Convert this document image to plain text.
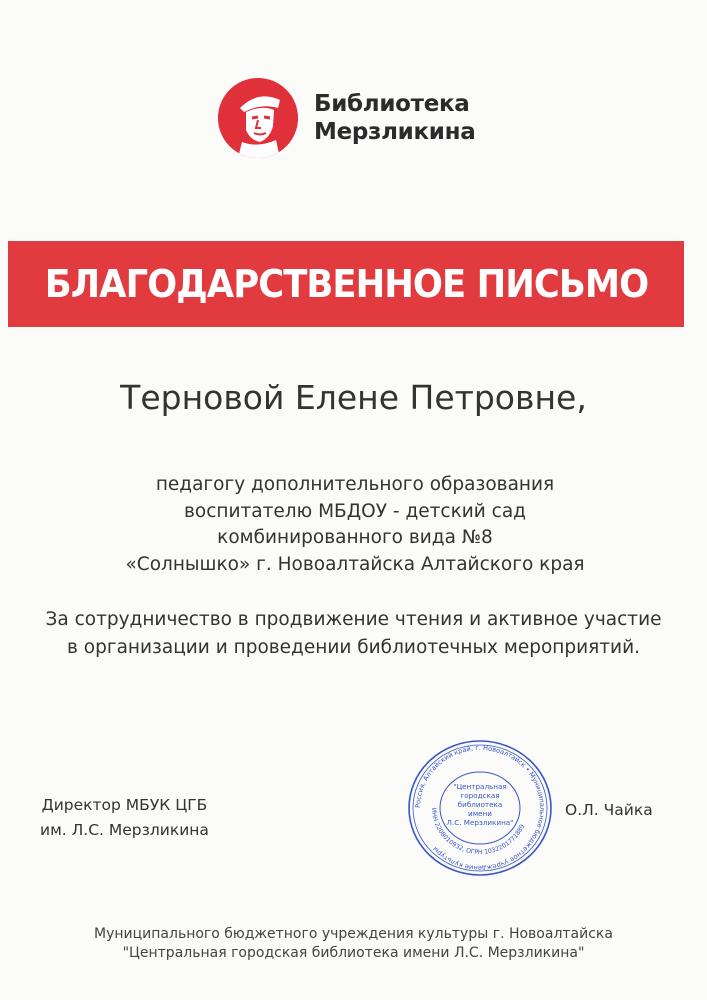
Библиотека
Мерзликина
БЛАГОДАРСТВЕННОЕ ПИСЬМО
Терновой Елене Петровне,
педагогу дополнительного образования
воспитателю МБДОУ - детский сад
комбинированного вида №8
«Солнышко» г. Новоалтайска Алтайского края
За сотрудничество в продвижение чтения и активное участие
в организации и проведении библиотечных мероприятий.
Директор МБУК ЦГБ
им. Л.С. Мерзликина
Россия, Алтайский край, г. Новоалтайск • Муниципальное бюджетное учреждение культуры
ИНН 2208010932, ОГРН 1032201771889
"Центральная
городская
библиотека
имени
Л.С. Мерзликина"
О.Л. Чайка
Муниципального бюджетного учреждения культуры г. Новоалтайска
"Центральная городская библиотека имени Л.С. Мерзликина"
